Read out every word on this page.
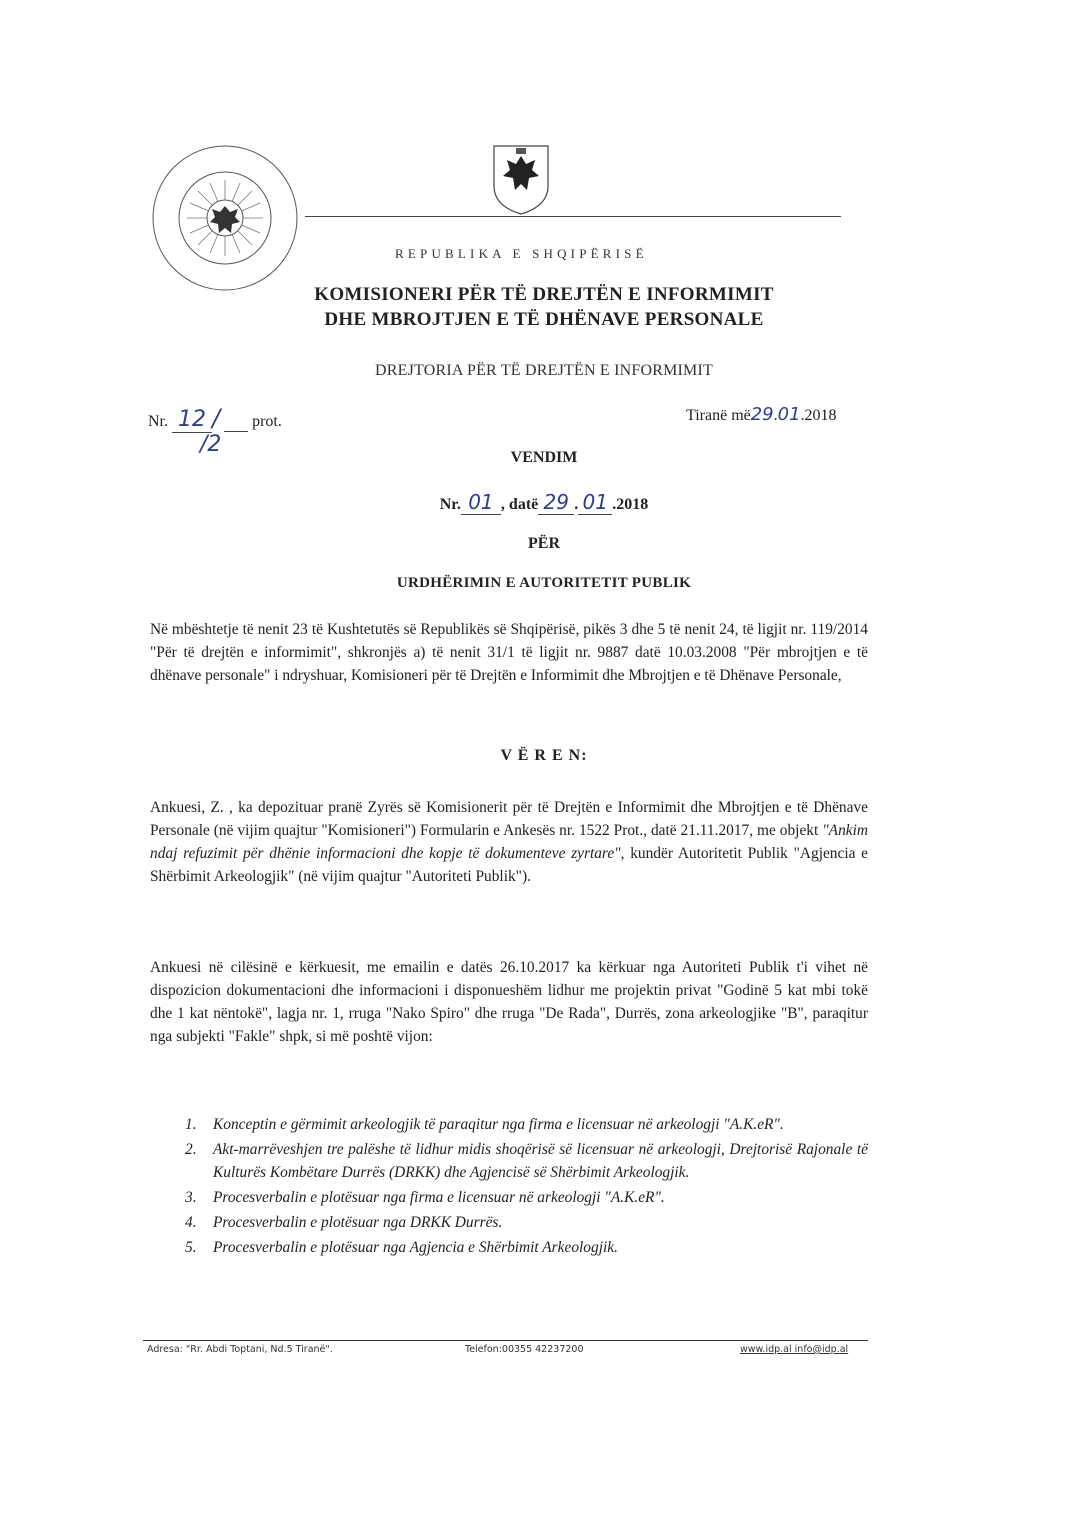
REPUBLIKA E SHQIPËRISË
KOMISIONERI PËR TË DREJTËN E INFORMIMIT
DHE MBROJTJEN E TË DHËNAVE PERSONALE
DREJTORIA PËR TË DREJTËN E INFORMIMIT
Nr. 12 / prot.
/2
Tiranë më29.01.2018
VENDIM
Nr. 01 , datë 29 . 01 .2018
PËR
URDHËRIMIN E AUTORITETIT PUBLIK

Në mbështetje të nenit 23 të Kushtetutës së Republikës së Shqipërisë, pikës 3 dhe 5 të nenit 24, të ligjit nr. 119/2014 "Për të drejtën e informimit", shkronjës a) të nenit 31/1 të ligjit nr. 9887 datë 10.03.2008 "Për mbrojtjen e të dhënave personale" i ndryshuar, Komisioneri për të Drejtën e Informimit dhe Mbrojtjen e të Dhënave Personale,

V Ë R E N:

Ankuesi, Z. , ka depozituar pranë Zyrës së Komisionerit për të Drejtën e Informimit dhe Mbrojtjen e të Dhënave Personale (në vijim quajtur "Komisioneri") Formularin e Ankesës nr. 1522 Prot., datë 21.11.2017, me objekt "Ankim ndaj refuzimit për dhënie informacioni dhe kopje të dokumenteve zyrtare", kundër Autoritetit Publik "Agjencia e Shërbimit Arkeologjik" (në vijim quajtur "Autoriteti Publik").

Ankuesi në cilësinë e kërkuesit, me emailin e datës 26.10.2017 ka kërkuar nga Autoriteti Publik t'i vihet në dispozicion dokumentacioni dhe informacioni i disponueshëm lidhur me projektin privat "Godinë 5 kat mbi tokë dhe 1 kat nëntokë", lagja nr. 1, rruga "Nako Spiro" dhe rruga "De Rada", Durrës, zona arkeologjike "B", paraqitur nga subjekti "Fakle" shpk, si më poshtë vijon:

1.	Konceptin e gërmimit arkeologjik të paraqitur nga firma e licensuar në arkeologji "A.K.eR".
2.	Akt-marrëveshjen tre palëshe të lidhur midis shoqërisë së licensuar në arkeologji, Drejtorisë Rajonale të Kulturës Kombëtare Durrës (DRKK) dhe Agjencisë së Shërbimit Arkeologjik.
3.	Procesverbalin e plotësuar nga firma e licensuar në arkeologji "A.K.eR".
4.	Procesverbalin e plotësuar nga DRKK Durrës.
5.	Procesverbalin e plotësuar nga Agjencia e Shërbimit Arkeologjik.
Adresa: "Rr. Abdi Toptani, Nd.5 Tiranë".	Telefon:00355 42237200	www.idp.al info@idp.al
